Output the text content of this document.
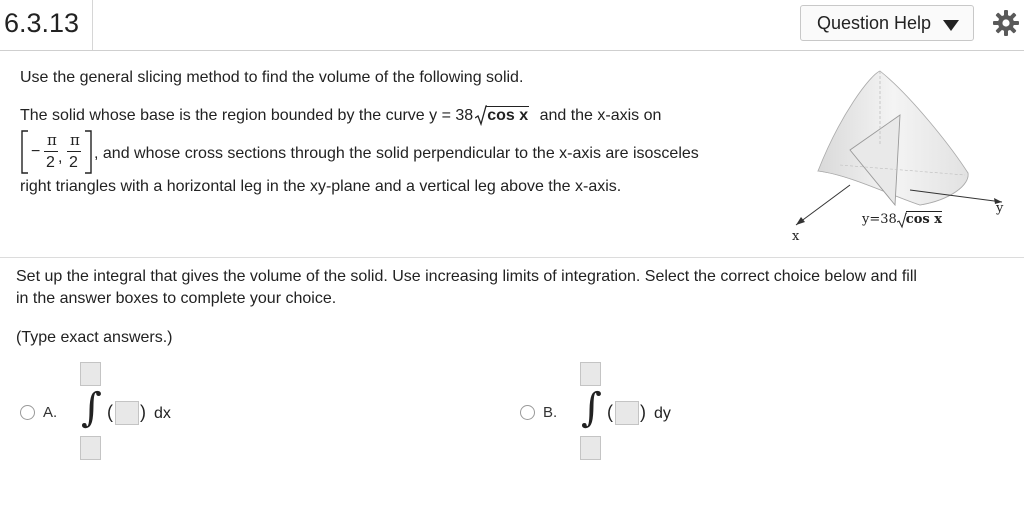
6.3.13	Question Help
Use the general slicing method to find the volume of the following solid.
The solid whose base is the region bounded by the curve y = 38 cos x and the x-axis on
−
π
2 ,
π
2
, and whose cross sections through the solid perpendicular to the x-axis are isosceles
right triangles with a horizontal leg in the xy-plane and a vertical leg above the x-axis.
x
y
y=38 cos x
Set up the integral that gives the volume of the solid. Use increasing limits of integration. Select the correct choice below and fill
in the answer boxes to complete your choice.
(Type exact answers.)
A. ∫ ( ) dx	B. ∫ ( ) dy
